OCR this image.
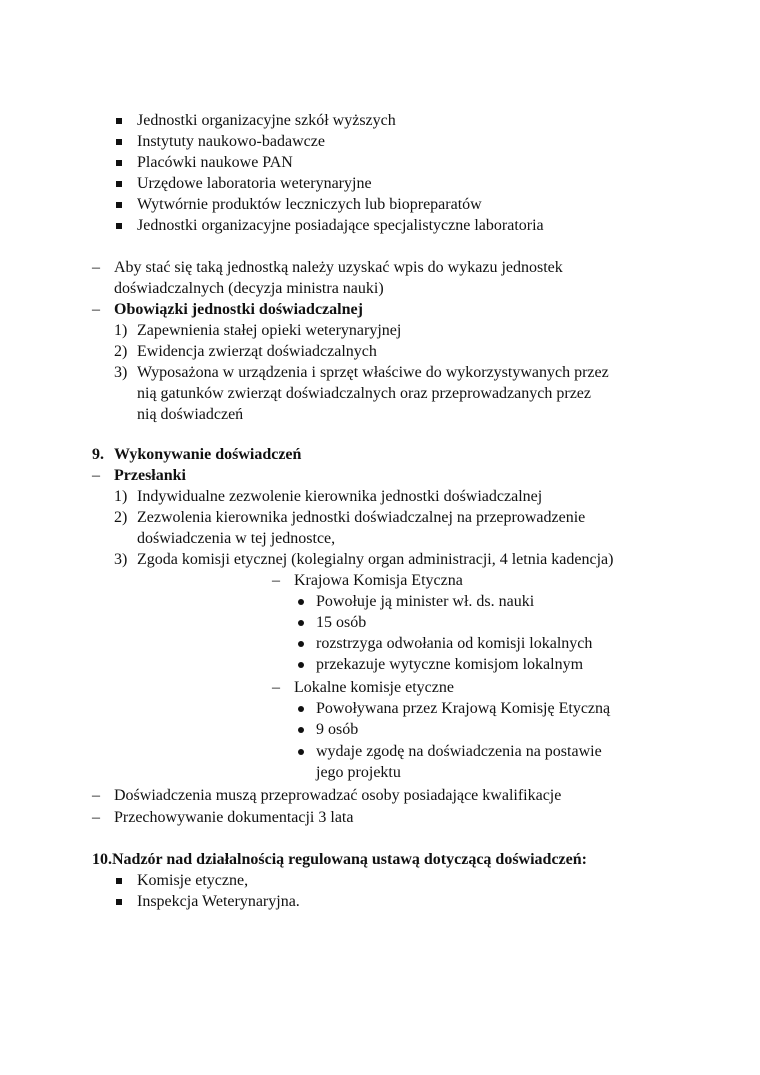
Jednostki organizacyjne szkół wyższych
Instytuty naukowo-badawcze
Placówki naukowe PAN
Urzędowe laboratoria weterynaryjne
Wytwórnie produktów leczniczych lub biopreparatów
Jednostki organizacyjne posiadające specjalistyczne laboratoria
– Aby stać się taką jednostką należy uzyskać wpis do wykazu jednostek
doświadczalnych (decyzja ministra nauki)
– Obowiązki jednostki doświadczalnej
1) Zapewnienia stałej opieki weterynaryjnej
2) Ewidencja zwierząt doświadczalnych
3) Wyposażona w urządzenia i sprzęt właściwe do wykorzystywanych przez
nią gatunków zwierząt doświadczalnych oraz przeprowadzanych przez
nią doświadczeń
9. Wykonywanie doświadczeń
– Przesłanki
1) Indywidualne zezwolenie kierownika jednostki doświadczalnej
2) Zezwolenia kierownika jednostki doświadczalnej na przeprowadzenie
doświadczenia w tej jednostce,
3) Zgoda komisji etycznej (kolegialny organ administracji, 4 letnia kadencja)
– Krajowa Komisja Etyczna
Powołuje ją minister wł. ds. nauki
15 osób
rozstrzyga odwołania od komisji lokalnych
przekazuje wytyczne komisjom lokalnym
– Lokalne komisje etyczne
Powoływana przez Krajową Komisję Etyczną
9 osób
wydaje zgodę na doświadczenia na postawie
jego projektu
– Doświadczenia muszą przeprowadzać osoby posiadające kwalifikacje
– Przechowywanie dokumentacji 3 lata
10.Nadzór nad działalnością regulowaną ustawą dotyczącą doświadczeń:
Komisje etyczne,
Inspekcja Weterynaryjna.
